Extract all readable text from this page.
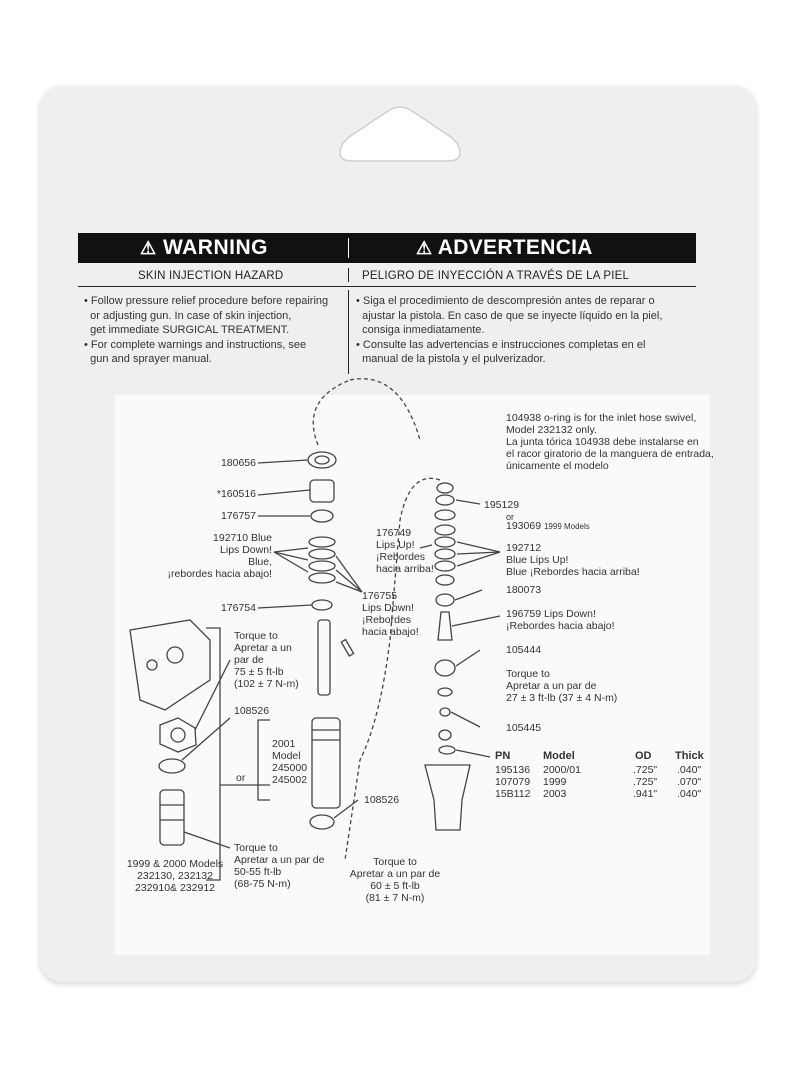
⚠ WARNING	⚠ ADVERTENCIA
SKIN INJECTION HAZARD	PELIGRO DE INYECCIÓN A TRAVÉS DE LA PIEL

• Follow pressure relief procedure before repairing
or adjusting gun. In case of skin injection,
get immediate SURGICAL TREATMENT.

• For complete warnings and instructions, see
gun and sprayer manual.

• Siga el procedimiento de descompresión antes de reparar o
ajustar la pistola. En caso de que se inyecte líquido en la piel,
consiga inmediatamente.

• Consulte las advertencias e instrucciones completas en el
manual de la pistola y el pulverizador.

104938 o-ring is for the inlet hose swivel,
Model 232132 only.
La junta tórica 104938 debe instalarse en
el racor giratorio de la manguera de entrada,
únicamente el modelo
180656
*160516
176757
192710 Blue
Lips Down!
Blue,
¡rebordes hacia abajo!
176754
176755
Lips Down!
¡Rebordes
hacia abajo!
Torque to
Apretar a un
par de
75 ± 5 ft-lb
(102 ± 7 N-m)
108526
or
2001
Model
245000
245002
108526
1999 & 2000 Models
232130, 232132
232910& 232912
Torque to
Apretar a un par de
50-55 ft-lb
(68-75 N-m)
Torque to
Apretar a un par de
60 ± 5 ft-lb
(81 ± 7 N-m)
195129
or
193069 1999 Models
176749
Lips Up!
¡Rebordes
hacia arriba!
192712
Blue Lips Up!
Blue ¡Rebordes hacia arriba!
180073
196759 Lips Down!
¡Rebordes hacia abajo!
105444
Torque to
Apretar a un par de
27 ± 3 ft-lb (37 ± 4 N-m)
105445
PN	Model	OD Thick
195136 2000/01	.725" .040"
107079 1999	.725" .070"
15B112 2003	.941" .040"
